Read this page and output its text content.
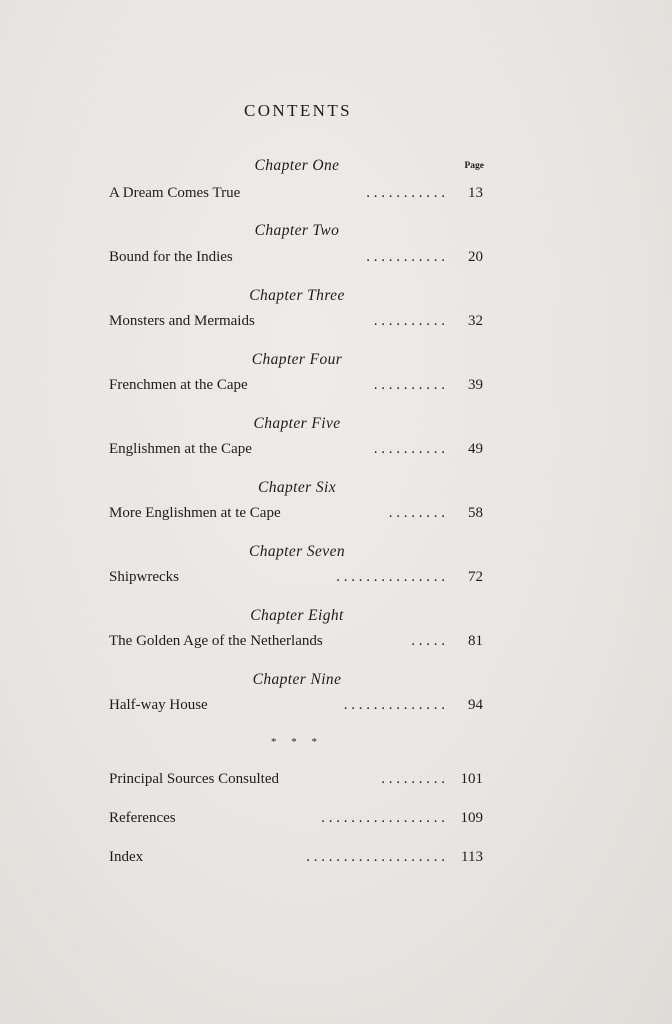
CONTENTS
Page
Chapter One
A Dream Comes True	. . . . . . . . . . . 13
Chapter Two
Bound for the Indies	. . . . . . . . . . . 20
Chapter Three
Monsters and Mermaids	. . . . . . . . . . 32
Chapter Four
Frenchmen at the Cape	. . . . . . . . . . 39
Chapter Five
Englishmen at the Cape	. . . . . . . . . . 49
Chapter Six
More Englishmen at te Cape	. . . . . . . . 58
Chapter Seven
Shipwrecks	. . . . . . . . . . . . . . . 72
Chapter Eight
The Golden Age of the Netherlands	. . . . . 81
Chapter Nine
Half-way House	. . . . . . . . . . . . . . 94
* * *
Principal Sources Consulted	. . . . . . . . . 101
References	. . . . . . . . . . . . . . . . . 109
Index	. . . . . . . . . . . . . . . . . . . 113
